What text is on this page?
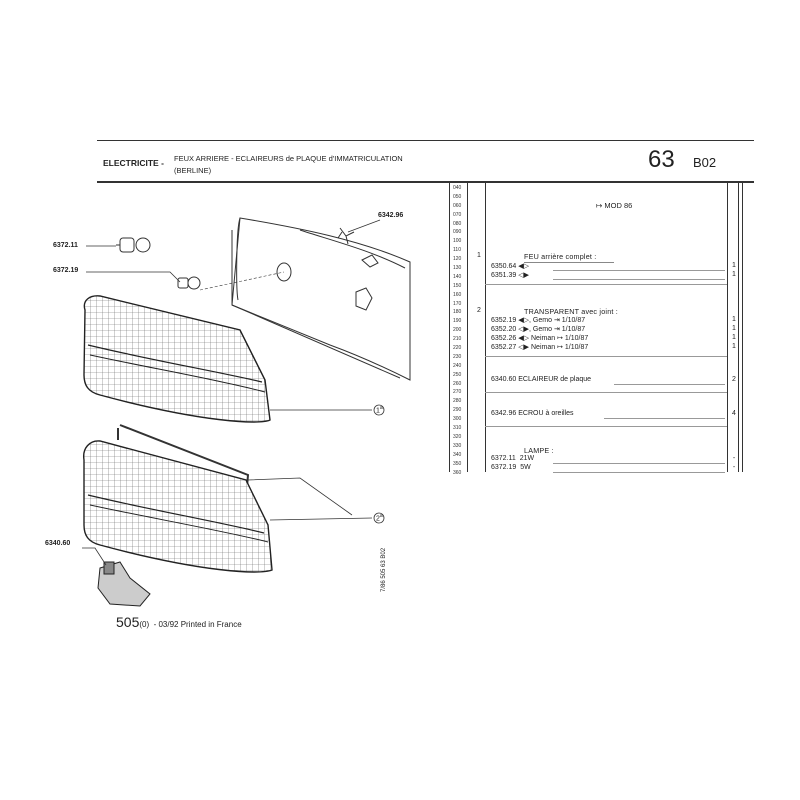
ELECTRICITE - FEUX ARRIERE - ECLAIREURS de PLAQUE d'IMMATRICULATION
(BERLINE)	63 B02
040
050
060
070
080
090
100
110
120
130
140
150
160
170
180
190
200
210
220
230
240
250
260
270
280
290
300
310
320
330
340
350
360
↦ MOD 86
1	FEU arrière complet :
6350.64 ◀▷	1
6351.39 ◁▶	1
2	TRANSPARENT avec joint :
6352.19 ◀▷, Gemo ⇥ 1/10/87	1
6352.20 ◁▶, Gemo ⇥ 1/10/87	1
6352.26 ◀▷ Neiman ↦ 1/10/87	1
6352.27 ◁▶ Neiman ↦ 1/10/87	1
6340.60 ECLAIREUR de plaque	2
6342.96 ECROU à oreilles	4
LAMPE :
6372.11 21W	-
6372.19 5W	-
6342.96
6372.11
6372.19
6340.60
1$^a$
2$^a$
505(0) - 03/92 Printed in France
7/86 505 63 B02
